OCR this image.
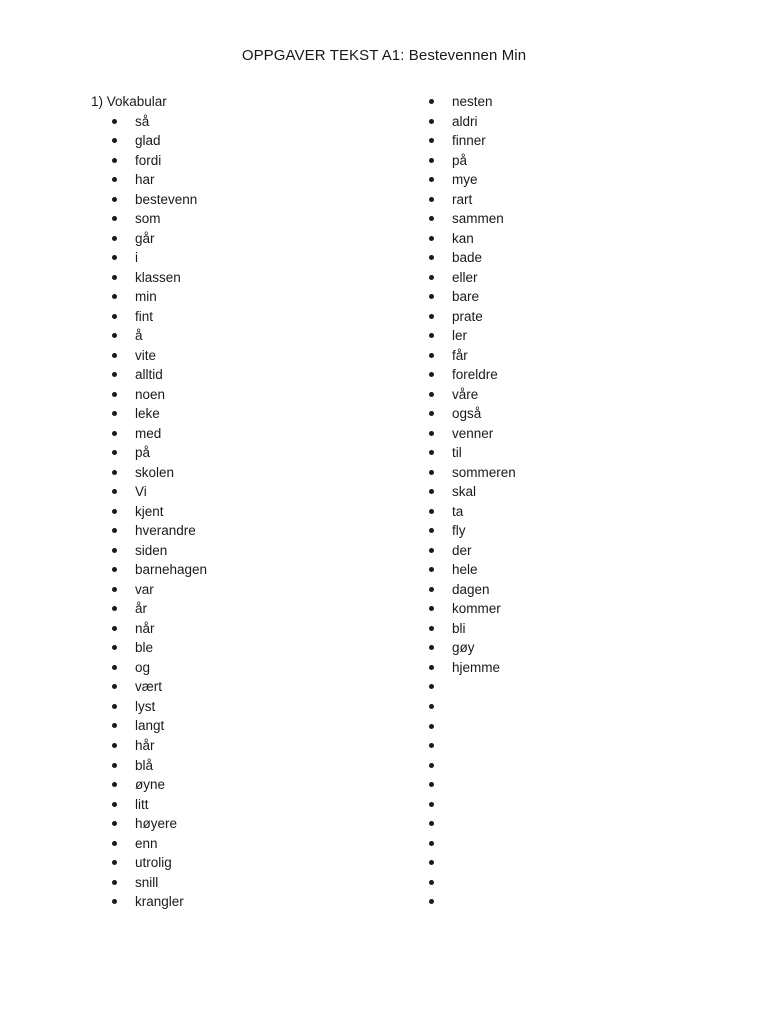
OPPGAVER TEKST A1: Bestevennen Min
1) Vokabular
så
glad
fordi
har
bestevenn
som
går
i
klassen
min
fint
å
vite
alltid
noen
leke
med
på
skolen
Vi
kjent
hverandre
siden
barnehagen
var
år
når
ble
og
vært
lyst
langt
hår
blå
øyne
litt
høyere
enn
utrolig
snill
krangler
nesten
aldri
finner
på
mye
rart
sammen
kan
bade
eller
bare
prate
ler
får
foreldre
våre
også
venner
til
sommeren
skal
ta
fly
der
hele
dagen
kommer
bli
gøy
hjemme
